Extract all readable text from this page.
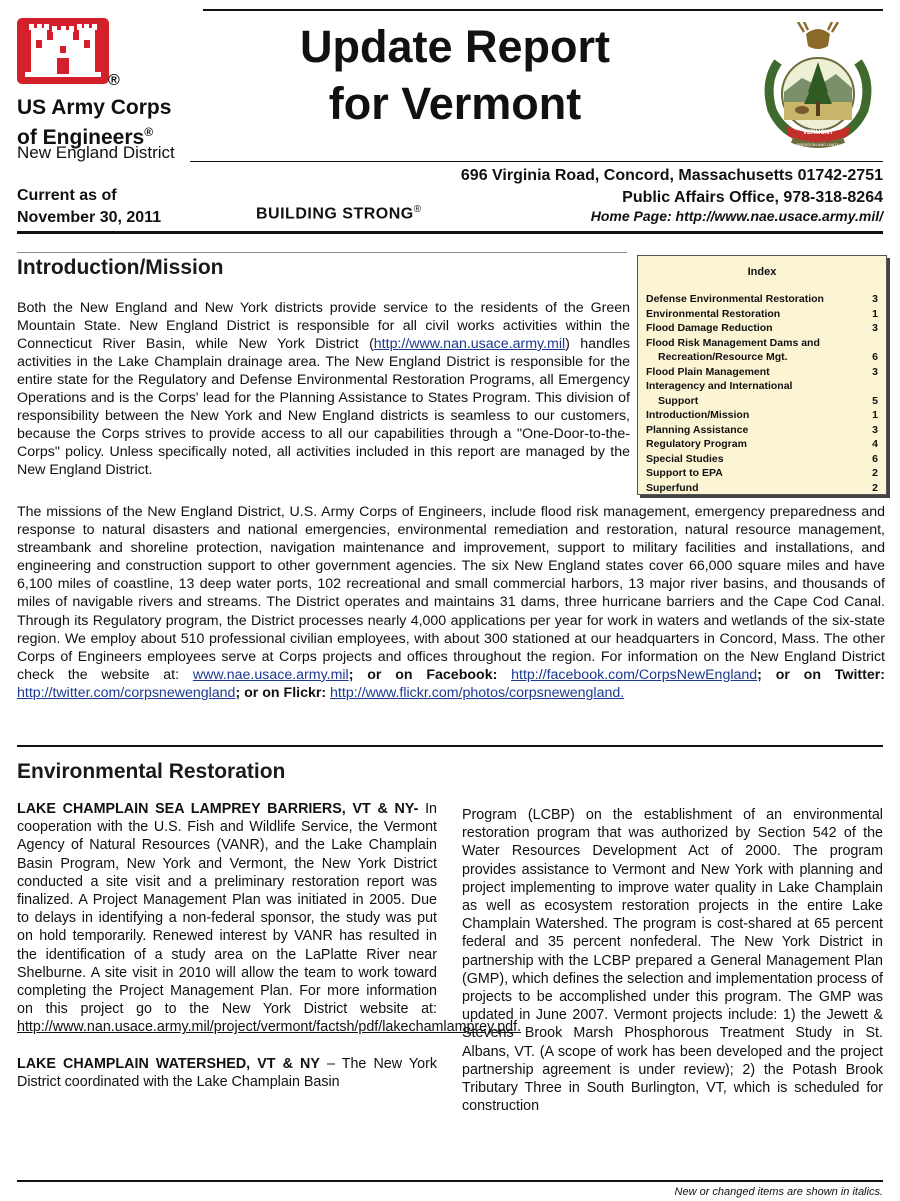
®
US Army Corps
of Engineers®
New England District
Update Report
for Vermont
VERMONT
FREEDOM AND UNITY
696 Virginia Road, Concord, Massachusetts 01742-2751
Public Affairs Office, 978-318-8264
Home Page: http://www.nae.usace.army.mil/
Current as of
November 30, 2011	BUILDING STRONG®
Introduction/Mission
Both the New England and New York districts provide service to the residents of the Green Mountain State. New England District is responsible for all civil works activities within the Connecticut River Basin, while New York District (http://www.nan.usace.army.mil) handles activities in the Lake Champlain drainage area. The New England District is responsible for the entire state for the Regulatory and Defense Environmental Restoration Programs, all Emergency Operations and is the Corps' lead for the Planning Assistance to States Program. This division of responsibility between the New York and New England districts is seamless to our customers, because the Corps strives to provide access to all our capabilities through a "One-Door-to-the-Corps" policy. Unless specifically noted, all activities included in this report are managed by the New England District.
Index
Defense Environmental Restoration	3
Environmental Restoration	1
Flood Damage Reduction	3
Flood Risk Management Dams and
Recreation/Resource Mgt.	6
Flood Plain Management	3
Interagency and International
Support	5
Introduction/Mission	1
Planning Assistance	3
Regulatory Program	4
Special Studies	6
Support to EPA	2
Superfund	2
The missions of the New England District, U.S. Army Corps of Engineers, include flood risk management, emergency preparedness and response to natural disasters and national emergencies, environmental remediation and restoration, natural resource management, streambank and shoreline protection, navigation maintenance and improvement, support to military facilities and installations, and engineering and construction support to other government agencies. The six New England states cover 66,000 square miles and have 6,100 miles of coastline, 13 deep water ports, 102 recreational and small commercial harbors, 13 major river basins, and thousands of miles of navigable rivers and streams. The District operates and maintains 31 dams, three hurricane barriers and the Cape Cod Canal. Through its Regulatory program, the District processes nearly 4,000 applications per year for work in waters and wetlands of the six-state region. We employ about 510 professional civilian employees, with about 300 stationed at our headquarters in Concord, Mass. The other Corps of Engineers employees serve at Corps projects and offices throughout the region. For information on the New England District check the website at: www.nae.usace.army.mil; or on Facebook: http://facebook.com/CorpsNewEngland; or on Twitter: http://twitter.com/corpsnewengland; or on Flickr: http://www.flickr.com/photos/corpsnewengland.
Environmental Restoration

LAKE CHAMPLAIN SEA LAMPREY BARRIERS, VT & NY- In cooperation with the U.S. Fish and Wildlife Service, the Vermont Agency of Natural Resources (VANR), and the Lake Champlain Basin Program, New York and Vermont, the New York District conducted a site visit and a preliminary restoration report was finalized. A Project Management Plan was initiated in 2005. Due to delays in identifying a non-federal sponsor, the study was put on hold temporarily. Renewed interest by VANR has resulted in the identification of a study area on the LaPlatte River near Shelburne. A site visit in 2010 will allow the team to work toward completing the Project Management Plan. For more information on this project go to the New York District website at: http://www.nan.usace.army.mil/project/vermont/factsh/pdf/lakechamlamprey.pdf.

LAKE CHAMPLAIN WATERSHED, VT & NY – The New York District coordinated with the Lake Champlain Basin

Program (LCBP) on the establishment of an environmental restoration program that was authorized by Section 542 of the Water Resources Development Act of 2000. The program provides assistance to Vermont and New York with planning and project implementing to improve water quality in Lake Champlain as well as ecosystem restoration projects in the entire Lake Champlain Watershed. The program is cost-shared at 65 percent federal and 35 percent nonfederal. The New York District in partnership with the LCBP prepared a General Management Plan (GMP), which defines the selection and implementation process of projects to be accomplished under this program. The GMP was updated in June 2007. Vermont projects include: 1) the Jewett & Stevens Brook Marsh Phosphorous Treatment Study in St. Albans, VT. (A scope of work has been developed and the project partnership agreement is under review); 2) the Potash Brook Tributary Three in South Burlington, VT, which is scheduled for construction

New or changed items are shown in italics.
